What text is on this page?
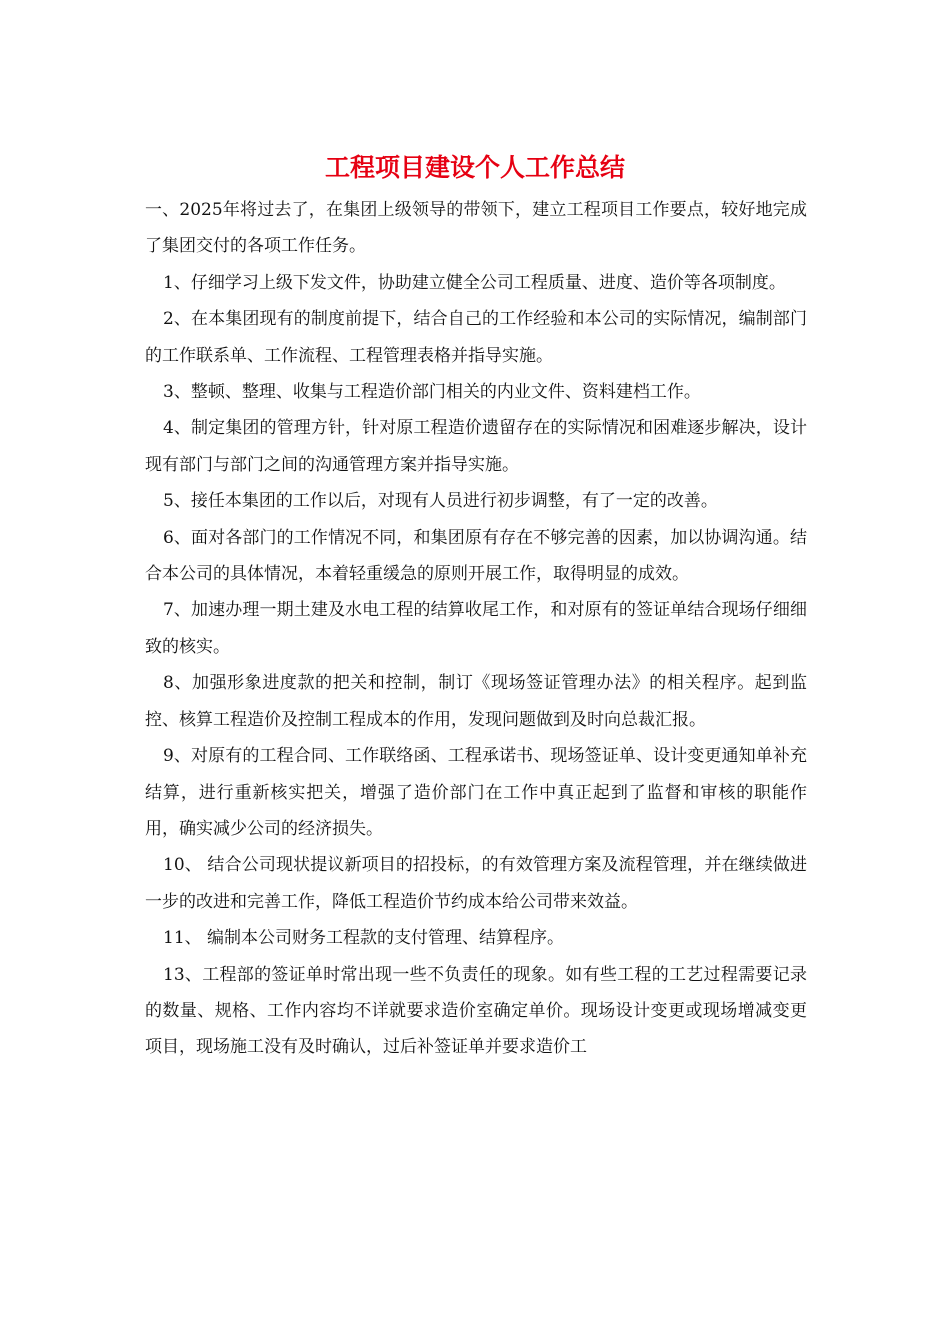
工程项目建设个人工作总结

一、2025年将过去了，在集团上级领导的带领下，建立工程项目工作要点，较好地完成了集团交付的各项工作任务。

1、仔细学习上级下发文件，协助建立健全公司工程质量、进度、造价等各项制度。

2、在本集团现有的制度前提下，结合自己的工作经验和本公司的实际情况，编制部门的工作联系单、工作流程、工程管理表格并指导实施。

3、整顿、整理、收集与工程造价部门相关的内业文件、资料建档工作。

4、制定集团的管理方针，针对原工程造价遗留存在的实际情况和困难逐步解决，设计现有部门与部门之间的沟通管理方案并指导实施。

5、接任本集团的工作以后，对现有人员进行初步调整，有了一定的改善。

6、面对各部门的工作情况不同，和集团原有存在不够完善的因素，加以协调沟通。结合本公司的具体情况，本着轻重缓急的原则开展工作，取得明显的成效。

7、加速办理一期土建及水电工程的结算收尾工作，和对原有的签证单结合现场仔细细致的核实。

8、加强形象进度款的把关和控制，制订《现场签证管理办法》的相关程序。起到监控、核算工程造价及控制工程成本的作用，发现问题做到及时向总裁汇报。

9、对原有的工程合同、工作联络函、工程承诺书、现场签证单、设计变更通知单补充结算，进行重新核实把关，增强了造价部门在工作中真正起到了监督和审核的职能作用，确实减少公司的经济损失。

10、 结合公司现状提议新项目的招投标，的有效管理方案及流程管理，并在继续做进一步的改进和完善工作，降低工程造价节约成本给公司带来效益。

11、 编制本公司财务工程款的支付管理、结算程序。

13、工程部的签证单时常出现一些不负责任的现象。如有些工程的工艺过程需要记录的数量、规格、工作内容均不详就要求造价室确定单价。现场设计变更或现场增减变更项目，现场施工没有及时确认，过后补签证单并要求造价工
